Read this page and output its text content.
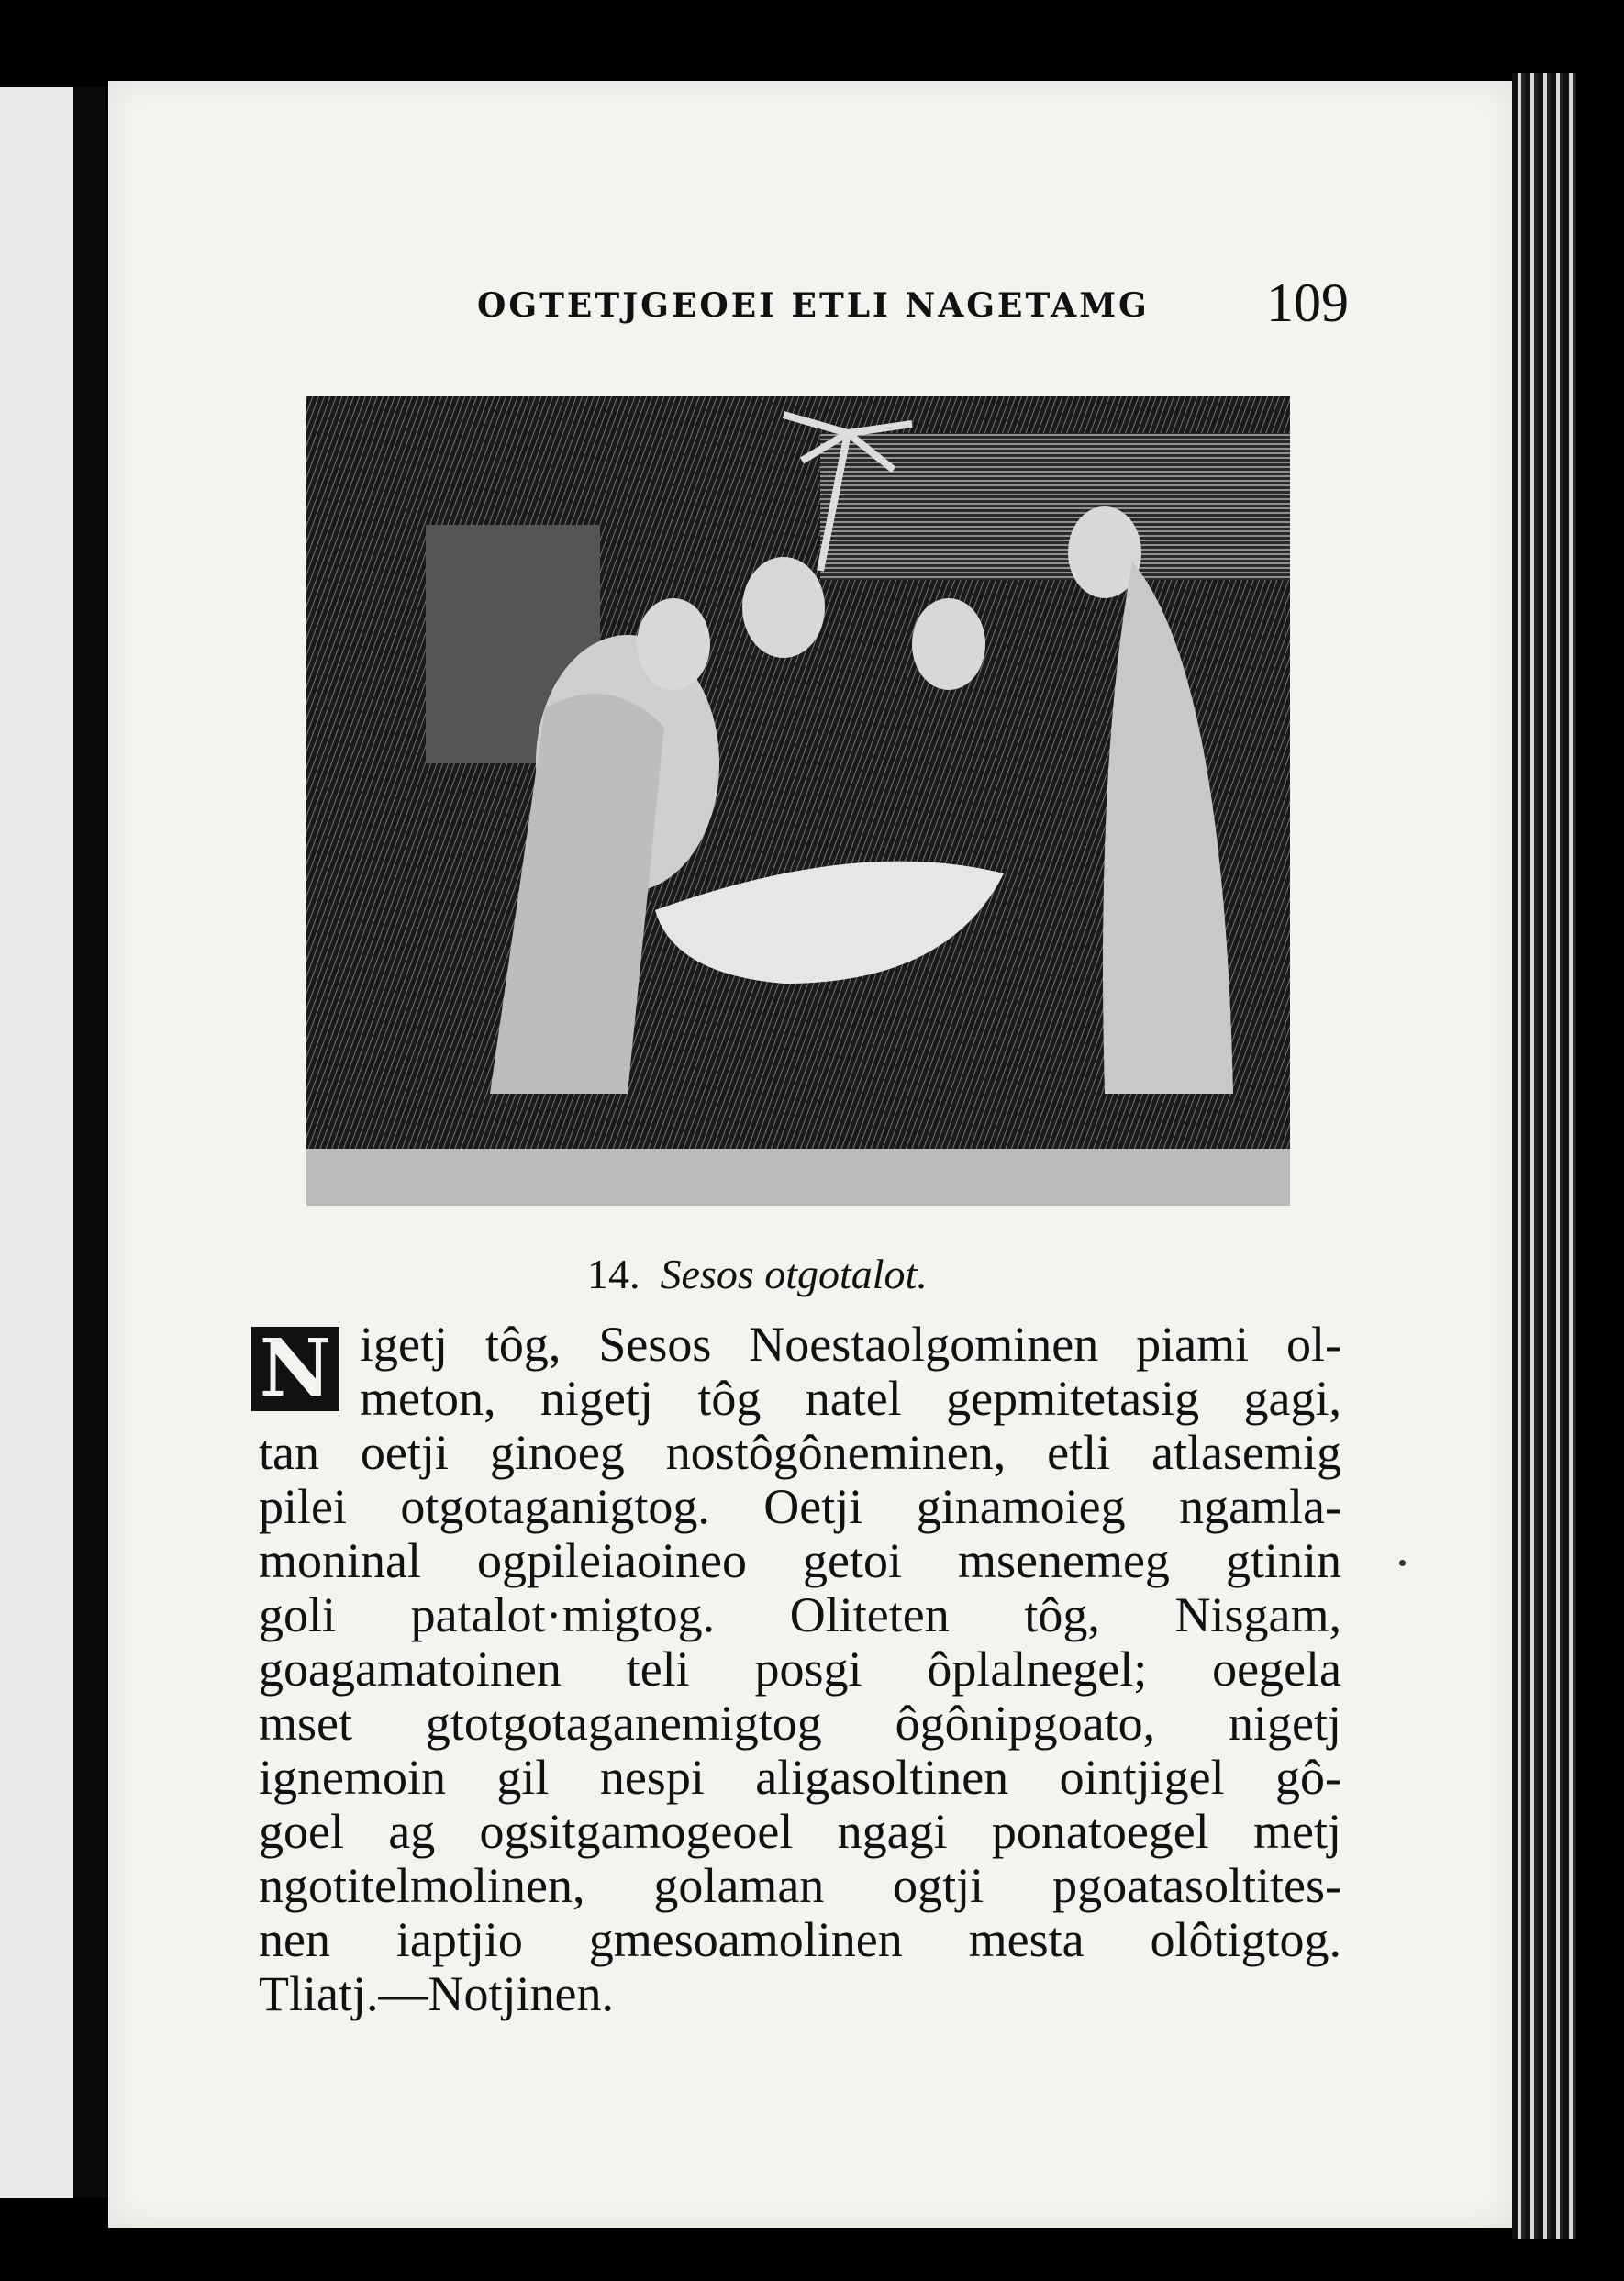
OGTETJGEOEI ETLI NAGETAMG	109
14. Sesos otgotalot.
N igetj tôg, Sesos Noestaolgominen piami ol-
meton, nigetj tôg natel gepmitetasig gagi,
tan oetji ginoeg nostôgôneminen, etli atlasemig
pilei otgotaganigtog. Oetji ginamoieg ngamla-
moninal ogpileiaoineo getoi msenemeg gtinin
goli patalot·migtog. Oliteten tôg, Nisgam,
goagamatoinen teli posgi ôplalnegel; oegela
mset gtotgotaganemigtog ôgônipgoato, nigetj
ignemoin gil nespi aligasoltinen ointjigel gô-
goel ag ogsitgamogeoel ngagi ponatoegel metj
ngotitelmolinen, golaman ogtji pgoatasoltites-
nen iaptjio gmesoamolinen mesta olôtigtog.
Tliatj.—Notjinen.
